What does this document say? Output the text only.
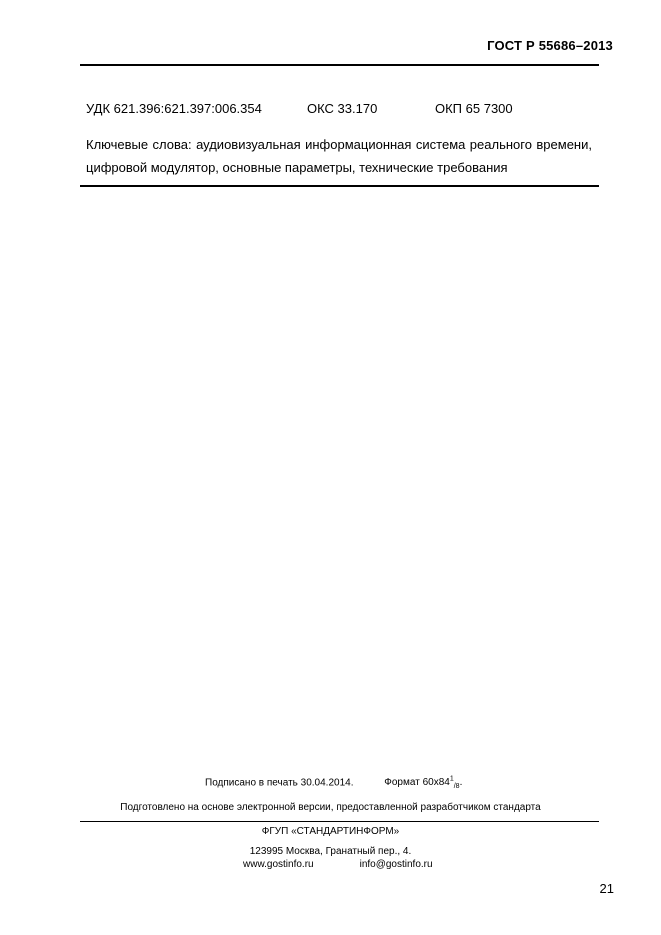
ГОСТ Р 55686–2013
УДК 621.396:621.397:006.354	ОКС 33.170	ОКП 65 7300
Ключевые слова: аудиовизуальная информационная система реального времени, цифровой модулятор, основные параметры, технические требования
Подписано в печать 30.04.2014.	Формат $60х84^1_{/8}$.
Подготовлено на основе электронной версии, предоставленной разработчиком стандарта
ФГУП «СТАНДАРТИНФОРМ»
123995 Москва, Гранатный пер., 4.
www.gostinfo.ru	info@gostinfo.ru
21
